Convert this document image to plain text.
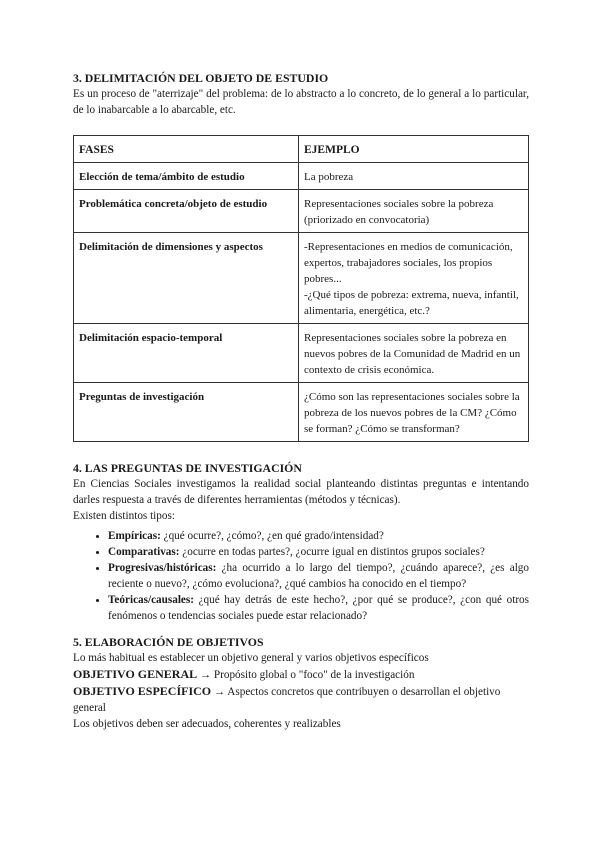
3. DELIMITACIÓN DEL OBJETO DE ESTUDIO

Es un proceso de "aterrizaje" del problema: de lo abstracto a lo concreto, de lo general a lo particular, de lo inabarcable a lo abarcable, etc.

FASES	EJEMPLO
Elección de tema/ámbito de estudio	La pobreza

Problemática concreta/objeto de estudio	Representaciones sociales sobre la pobreza (priorizado en convocatoria)

Delimitación de dimensiones y aspectos	-Representaciones en medios de comunicación, expertos, trabajadores sociales, los propios pobres...
-¿Qué tipos de pobreza: extrema, nueva, infantil, alimentaria, energética, etc.?

Delimitación espacio-temporal	Representaciones sociales sobre la pobreza en nuevos pobres de la Comunidad de Madrid en un contexto de crisis económica.

Preguntas de investigación	¿Cómo son las representaciones sociales sobre la pobreza de los nuevos pobres de la CM? ¿Cómo se forman? ¿Cómo se transforman?
4. LAS PREGUNTAS DE INVESTIGACIÓN

En Ciencias Sociales investigamos la realidad social planteando distintas preguntas e intentando darles respuesta a través de diferentes herramientas (métodos y técnicas).

Existen distintos tipos:

• Empíricas: ¿qué ocurre?, ¿cómo?, ¿en qué grado/intensidad?
• Comparativas: ¿ocurre en todas partes?, ¿ocurre igual en distintos grupos sociales?
• Progresivas/históricas: ¿ha ocurrido a lo largo del tiempo?, ¿cuándo aparece?, ¿es algo reciente o nuevo?, ¿cómo evoluciona?, ¿qué cambios ha conocido en el tiempo?
• Teóricas/causales: ¿qué hay detrás de este hecho?, ¿por qué se produce?, ¿con qué otros fenómenos o tendencias sociales puede estar relacionado?
5. ELABORACIÓN DE OBJETIVOS

Lo más habitual es establecer un objetivo general y varios objetivos específicos

OBJETIVO GENERAL → Propósito global o "foco" de la investigación

OBJETIVO ESPECÍFICO → Aspectos concretos que contribuyen o desarrollan el objetivo general

Los objetivos deben ser adecuados, coherentes y realizables
